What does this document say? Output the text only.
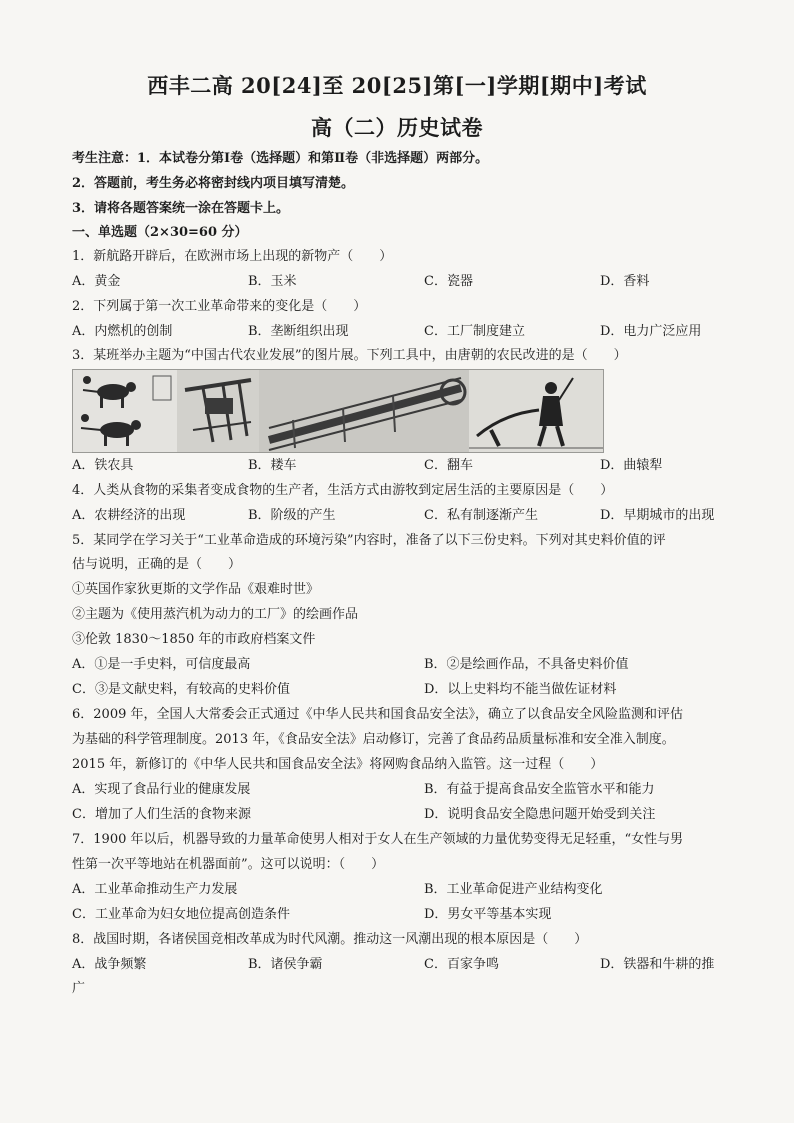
西丰二高 20[24]至 20[25]第[一]学期[期中]考试
高（二）历史试卷
考生注意：1．本试卷分第Ⅰ卷（选择题）和第Ⅱ卷（非选择题）两部分。
2．答题前，考生务必将密封线内项目填写清楚。
3．请将各题答案统一涂在答题卡上。
一、单选题（2×30=60 分）
1．新航路开辟后，在欧洲市场上出现的新物产（　　）
A．黄金	B．玉米	C．瓷器	D．香料
2．下列属于第一次工业革命带来的变化是（　　）
A．内燃机的创制	B．垄断组织出现	C．工厂制度建立	D．电力广泛应用
3．某班举办主题为“中国古代农业发展”的图片展。下列工具中，由唐朝的农民改进的是（　　）
A．铁农具	B．耧车	C．翻车	D．曲辕犁
4．人类从食物的采集者变成食物的生产者，生活方式由游牧到定居生活的主要原因是（　　）
A．农耕经济的出现	B．阶级的产生	C．私有制逐渐产生	D．早期城市的出现
5．某同学在学习关于“工业革命造成的环境污染”内容时，准备了以下三份史料。下列对其史料价值的评
估与说明，正确的是（　　）
①英国作家狄更斯的文学作品《艰难时世》
②主题为《使用蒸汽机为动力的工厂》的绘画作品
③伦敦 1830～1850 年的市政府档案文件
A．①是一手史料，可信度最高	B．②是绘画作品，不具备史料价值
C．③是文献史料，有较高的史料价值	D．以上史料均不能当做佐证材料
6．2009 年，全国人大常委会正式通过《中华人民共和国食品安全法》，确立了以食品安全风险监测和评估
为基础的科学管理制度。2013 年，《食品安全法》启动修订，完善了食品药品质量标准和安全准入制度。
2015 年，新修订的《中华人民共和国食品安全法》将网购食品纳入监管。这一过程（　　）
A．实现了食品行业的健康发展	B．有益于提高食品安全监管水平和能力
C．增加了人们生活的食物来源	D．说明食品安全隐患问题开始受到关注
7．1900 年以后，机器导致的力量革命使男人相对于女人在生产领域的力量优势变得无足轻重，“女性与男
性第一次平等地站在机器面前”。这可以说明：（　　）
A．工业革命推动生产力发展	B．工业革命促进产业结构变化
C．工业革命为妇女地位提高创造条件	D．男女平等基本实现
8．战国时期，各诸侯国竞相改革成为时代风潮。推动这一风潮出现的根本原因是（　　）
A．战争频繁	B．诸侯争霸	C．百家争鸣	D．铁器和牛耕的推
广
